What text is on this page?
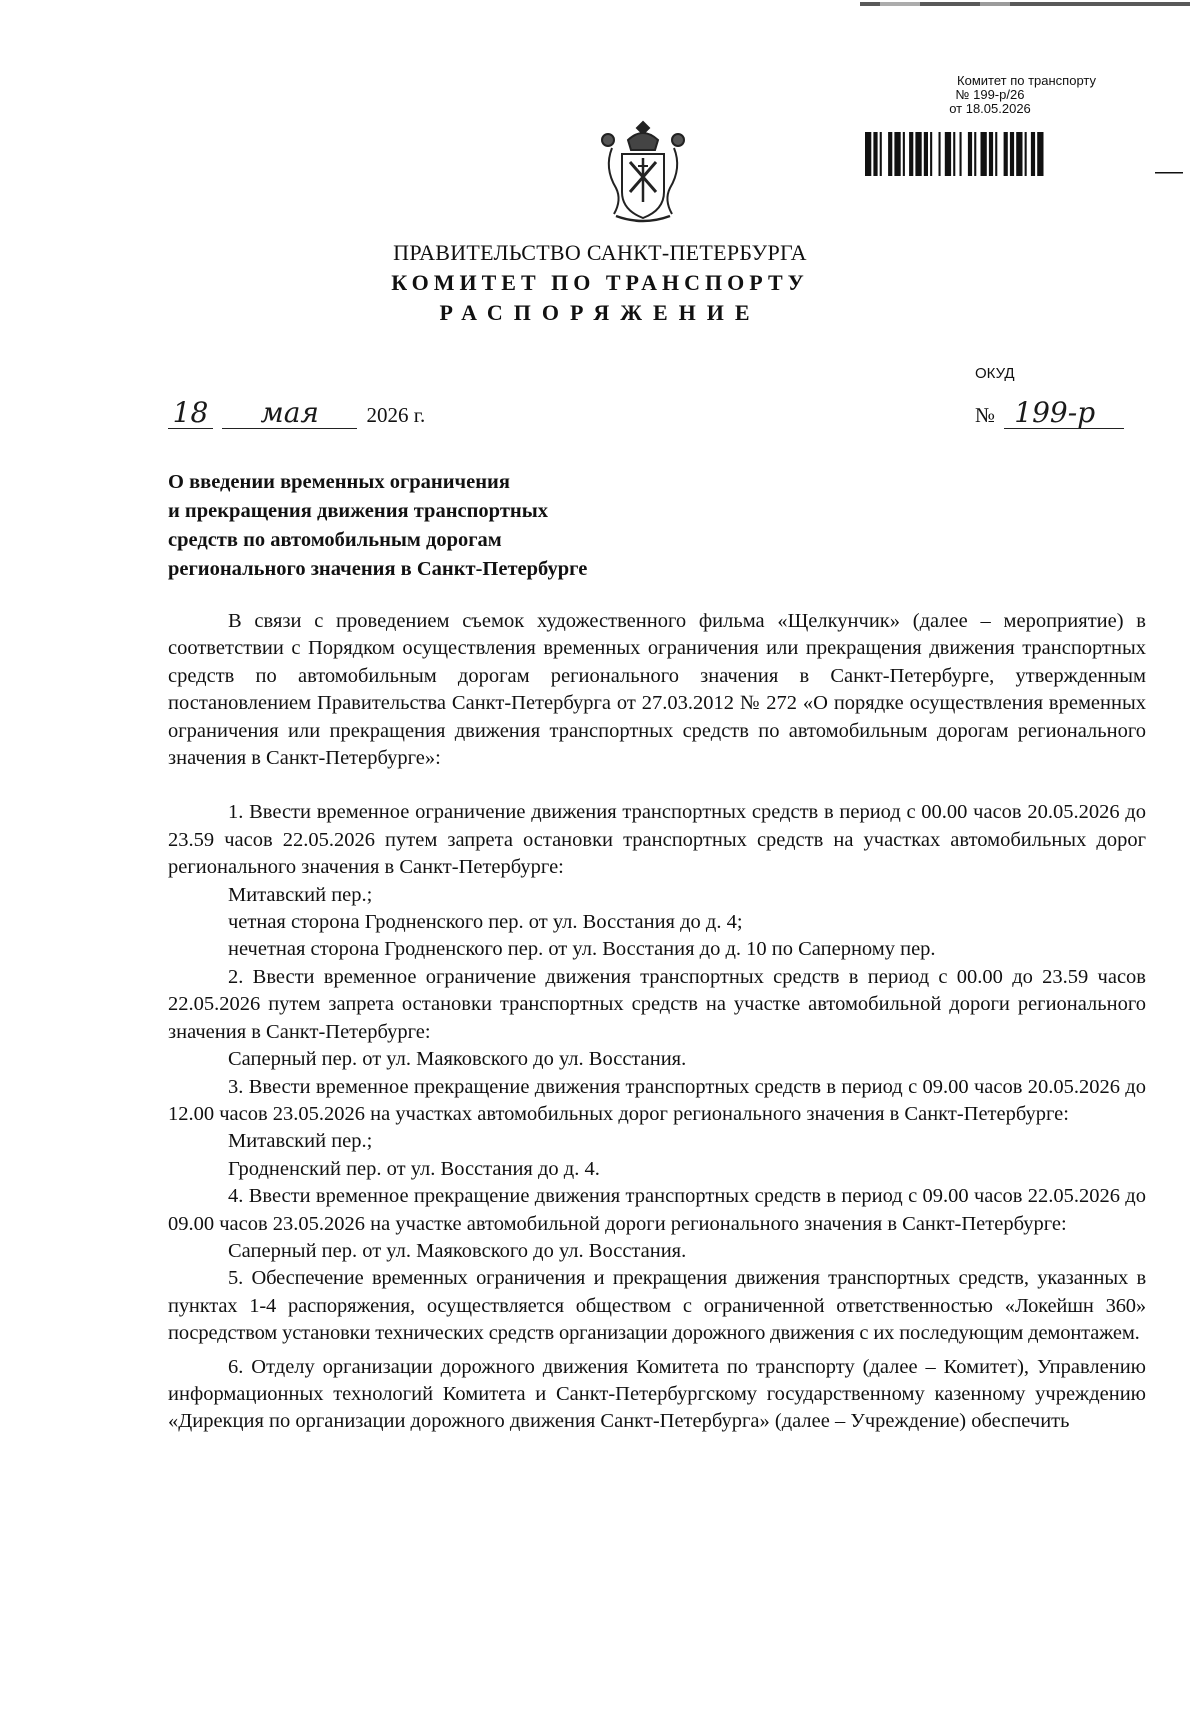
Комитет по транспорту
№ 199-р/26
от 18.05.2026
ПРАВИТЕЛЬСТВО САНКТ-ПЕТЕРБУРГА
КОМИТЕТ ПО ТРАНСПОРТУ
РАСПОРЯЖЕНИЕ
ОКУД
18 мая 2026 г.	№ 199-р
О введении временных ограничения
и прекращения движения транспортных
средств по автомобильным дорогам
регионального значения в Санкт-Петербурге

В связи с проведением съемок художественного фильма «Щелкунчик» (далее – мероприятие) в соответствии с Порядком осуществления временных ограничения или прекращения движения транспортных средств по автомобильным дорогам регионального значения в Санкт-Петербурге, утвержденным постановлением Правительства Санкт-Петербурга от 27.03.2012 № 272 «О порядке осуществления временных ограничения или прекращения движения транспортных средств по автомобильным дорогам регионального значения в Санкт-Петербурге»:

1. Ввести временное ограничение движения транспортных средств в период с 00.00 часов 20.05.2026 до 23.59 часов 22.05.2026 путем запрета остановки транспортных средств на участках автомобильных дорог регионального значения в Санкт-Петербурге:

Митавский пер.;

четная сторона Гродненского пер. от ул. Восстания до д. 4;

нечетная сторона Гродненского пер. от ул. Восстания до д. 10 по Саперному пер.

2. Ввести временное ограничение движения транспортных средств в период с 00.00 до 23.59 часов 22.05.2026 путем запрета остановки транспортных средств на участке автомобильной дороги регионального значения в Санкт-Петербурге:

Саперный пер. от ул. Маяковского до ул. Восстания.

3. Ввести временное прекращение движения транспортных средств в период с 09.00 часов 20.05.2026 до 12.00 часов 23.05.2026 на участках автомобильных дорог регионального значения в Санкт-Петербурге:

Митавский пер.;

Гродненский пер. от ул. Восстания до д. 4.

4. Ввести временное прекращение движения транспортных средств в период с 09.00 часов 22.05.2026 до 09.00 часов 23.05.2026 на участке автомобильной дороги регионального значения в Санкт-Петербурге:

Саперный пер. от ул. Маяковского до ул. Восстания.

5. Обеспечение временных ограничения и прекращения движения транспортных средств, указанных в пунктах 1-4 распоряжения, осуществляется обществом с ограниченной ответственностью «Локейшн 360» посредством установки технических средств организации дорожного движения с их последующим демонтажем.

6. Отделу организации дорожного движения Комитета по транспорту (далее – Комитет), Управлению информационных технологий Комитета и Санкт-Петербургскому государственному казенному учреждению «Дирекция по организации дорожного движения Санкт-Петербурга» (далее – Учреждение) обеспечить
